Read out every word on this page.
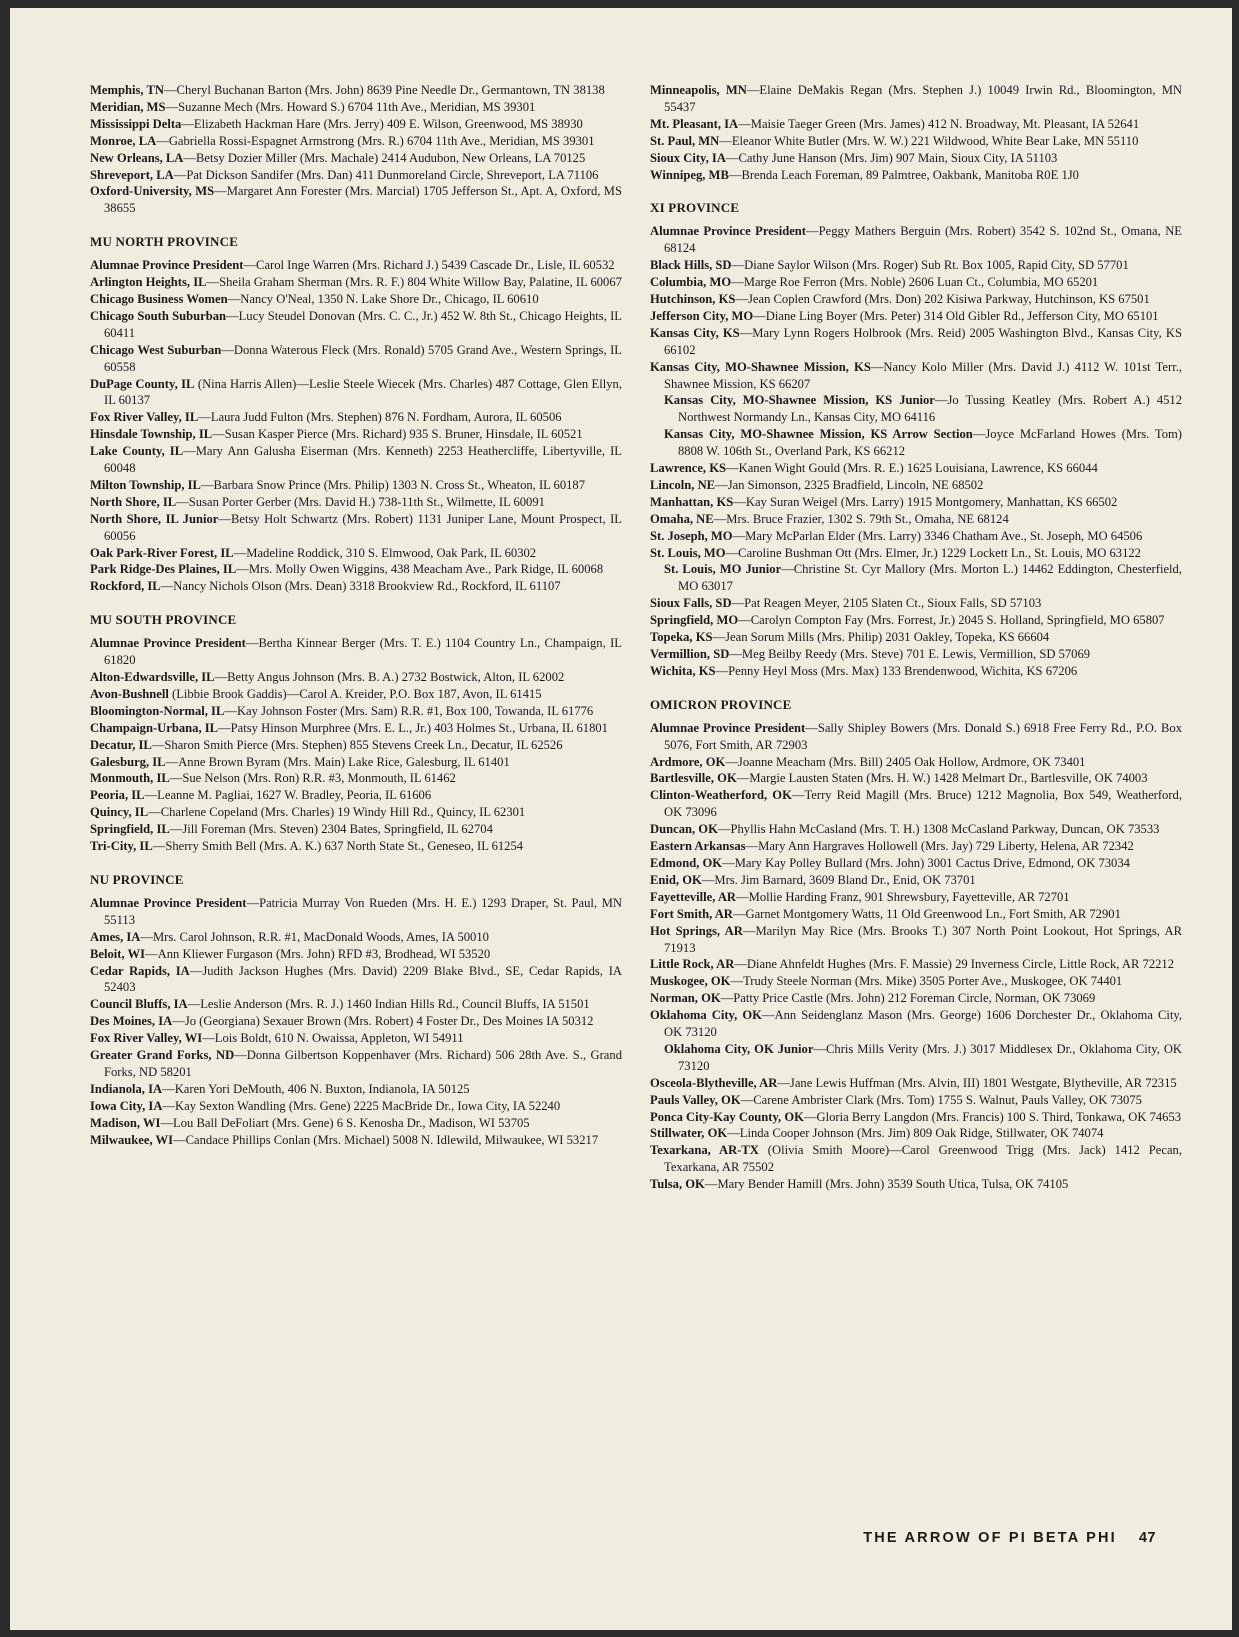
Memphis, TN—Cheryl Buchanan Barton (Mrs. John) 8639 Pine Needle Dr., Germantown, TN 38138
Meridian, MS—Suzanne Mech (Mrs. Howard S.) 6704 11th Ave., Meridian, MS 39301
Mississippi Delta—Elizabeth Hackman Hare (Mrs. Jerry) 409 E. Wilson, Greenwood, MS 38930
Monroe, LA—Gabriella Rossi-Espagnet Armstrong (Mrs. R.) 6704 11th Ave., Meridian, MS 39301
New Orleans, LA—Betsy Dozier Miller (Mrs. Machale) 2414 Audubon, New Orleans, LA 70125
Shreveport, LA—Pat Dickson Sandifer (Mrs. Dan) 411 Dunmoreland Circle, Shreveport, LA 71106
Oxford-University, MS—Margaret Ann Forester (Mrs. Marcial) 1705 Jefferson St., Apt. A, Oxford, MS 38655
MU NORTH PROVINCE
Alumnae Province President—Carol Inge Warren (Mrs. Richard J.) 5439 Cascade Dr., Lisle, IL 60532
Arlington Heights, IL—Sheila Graham Sherman (Mrs. R. F.) 804 White Willow Bay, Palatine, IL 60067
Chicago Business Women—Nancy O'Neal, 1350 N. Lake Shore Dr., Chicago, IL 60610
Chicago South Suburban—Lucy Steudel Donovan (Mrs. C. C., Jr.) 452 W. 8th St., Chicago Heights, IL 60411
Chicago West Suburban—Donna Waterous Fleck (Mrs. Ronald) 5705 Grand Ave., Western Springs, IL 60558
DuPage County, IL (Nina Harris Allen)—Leslie Steele Wiecek (Mrs. Charles) 487 Cottage, Glen Ellyn, IL 60137
Fox River Valley, IL—Laura Judd Fulton (Mrs. Stephen) 876 N. Fordham, Aurora, IL 60506
Hinsdale Township, IL—Susan Kasper Pierce (Mrs. Richard) 935 S. Bruner, Hinsdale, IL 60521
Lake County, IL—Mary Ann Galusha Eiserman (Mrs. Kenneth) 2253 Heathercliffe, Libertyville, IL 60048
Milton Township, IL—Barbara Snow Prince (Mrs. Philip) 1303 N. Cross St., Wheaton, IL 60187
North Shore, IL—Susan Porter Gerber (Mrs. David H.) 738-11th St., Wilmette, IL 60091
North Shore, IL Junior—Betsy Holt Schwartz (Mrs. Robert) 1131 Juniper Lane, Mount Prospect, IL 60056
Oak Park-River Forest, IL—Madeline Roddick, 310 S. Elmwood, Oak Park, IL 60302
Park Ridge-Des Plaines, IL—Mrs. Molly Owen Wiggins, 438 Meacham Ave., Park Ridge, IL 60068
Rockford, IL—Nancy Nichols Olson (Mrs. Dean) 3318 Brookview Rd., Rockford, IL 61107
MU SOUTH PROVINCE
Alumnae Province President—Bertha Kinnear Berger (Mrs. T. E.) 1104 Country Ln., Champaign, IL 61820
Alton-Edwardsville, IL—Betty Angus Johnson (Mrs. B. A.) 2732 Bostwick, Alton, IL 62002
Avon-Bushnell (Libbie Brook Gaddis)—Carol A. Kreider, P.O. Box 187, Avon, IL 61415
Bloomington-Normal, IL—Kay Johnson Foster (Mrs. Sam) R.R. #1, Box 100, Towanda, IL 61776
Champaign-Urbana, IL—Patsy Hinson Murphree (Mrs. E. L., Jr.) 403 Holmes St., Urbana, IL 61801
Decatur, IL—Sharon Smith Pierce (Mrs. Stephen) 855 Stevens Creek Ln., Decatur, IL 62526
Galesburg, IL—Anne Brown Byram (Mrs. Main) Lake Rice, Galesburg, IL 61401
Monmouth, IL—Sue Nelson (Mrs. Ron) R.R. #3, Monmouth, IL 61462
Peoria, IL—Leanne M. Pagliai, 1627 W. Bradley, Peoria, IL 61606
Quincy, IL—Charlene Copeland (Mrs. Charles) 19 Windy Hill Rd., Quincy, IL 62301
Springfield, IL—Jill Foreman (Mrs. Steven) 2304 Bates, Springfield, IL 62704
Tri-City, IL—Sherry Smith Bell (Mrs. A. K.) 637 North State St., Geneseo, IL 61254
NU PROVINCE
Alumnae Province President—Patricia Murray Von Rueden (Mrs. H. E.) 1293 Draper, St. Paul, MN 55113
Ames, IA—Mrs. Carol Johnson, R.R. #1, MacDonald Woods, Ames, IA 50010
Beloit, WI—Ann Kliewer Furgason (Mrs. John) RFD #3, Brodhead, WI 53520
Cedar Rapids, IA—Judith Jackson Hughes (Mrs. David) 2209 Blake Blvd., SE, Cedar Rapids, IA 52403
Council Bluffs, IA—Leslie Anderson (Mrs. R. J.) 1460 Indian Hills Rd., Council Bluffs, IA 51501
Des Moines, IA—Jo (Georgiana) Sexauer Brown (Mrs. Robert) 4 Foster Dr., Des Moines IA 50312
Fox River Valley, WI—Lois Boldt, 610 N. Owaissa, Appleton, WI 54911
Greater Grand Forks, ND—Donna Gilbertson Koppenhaver (Mrs. Richard) 506 28th Ave. S., Grand Forks, ND 58201
Indianola, IA—Karen Yori DeMouth, 406 N. Buxton, Indianola, IA 50125
Iowa City, IA—Kay Sexton Wandling (Mrs. Gene) 2225 MacBride Dr., Iowa City, IA 52240
Madison, WI—Lou Ball DeFoliart (Mrs. Gene) 6 S. Kenosha Dr., Madison, WI 53705
Milwaukee, WI—Candace Phillips Conlan (Mrs. Michael) 5008 N. Idlewild, Milwaukee, WI 53217
Minneapolis, MN—Elaine DeMakis Regan (Mrs. Stephen J.) 10049 Irwin Rd., Bloomington, MN 55437
Mt. Pleasant, IA—Maisie Taeger Green (Mrs. James) 412 N. Broadway, Mt. Pleasant, IA 52641
St. Paul, MN—Eleanor White Butler (Mrs. W. W.) 221 Wildwood, White Bear Lake, MN 55110
Sioux City, IA—Cathy June Hanson (Mrs. Jim) 907 Main, Sioux City, IA 51103
Winnipeg, MB—Brenda Leach Foreman, 89 Palmtree, Oakbank, Manitoba R0E 1J0
XI PROVINCE
Alumnae Province President—Peggy Mathers Berguin (Mrs. Robert) 3542 S. 102nd St., Omana, NE 68124
Black Hills, SD—Diane Saylor Wilson (Mrs. Roger) Sub Rt. Box 1005, Rapid City, SD 57701
Columbia, MO—Marge Roe Ferron (Mrs. Noble) 2606 Luan Ct., Columbia, MO 65201
Hutchinson, KS—Jean Coplen Crawford (Mrs. Don) 202 Kisiwa Parkway, Hutchinson, KS 67501
Jefferson City, MO—Diane Ling Boyer (Mrs. Peter) 314 Old Gibler Rd., Jefferson City, MO 65101
Kansas City, KS—Mary Lynn Rogers Holbrook (Mrs. Reid) 2005 Washington Blvd., Kansas City, KS 66102
Kansas City, MO-Shawnee Mission, KS—Nancy Kolo Miller (Mrs. David J.) 4112 W. 101st Terr., Shawnee Mission, KS 66207
Kansas City, MO-Shawnee Mission, KS Junior—Jo Tussing Keatley (Mrs. Robert A.) 4512 Northwest Normandy Ln., Kansas City, MO 64116
Kansas City, MO-Shawnee Mission, KS Arrow Section—Joyce McFarland Howes (Mrs. Tom) 8808 W. 106th St., Overland Park, KS 66212
Lawrence, KS—Kanen Wight Gould (Mrs. R. E.) 1625 Louisiana, Lawrence, KS 66044
Lincoln, NE—Jan Simonson, 2325 Bradfield, Lincoln, NE 68502
Manhattan, KS—Kay Suran Weigel (Mrs. Larry) 1915 Montgomery, Manhattan, KS 66502
Omaha, NE—Mrs. Bruce Frazier, 1302 S. 79th St., Omaha, NE 68124
St. Joseph, MO—Mary McParlan Elder (Mrs. Larry) 3346 Chatham Ave., St. Joseph, MO 64506
St. Louis, MO—Caroline Bushman Ott (Mrs. Elmer, Jr.) 1229 Lockett Ln., St. Louis, MO 63122
St. Louis, MO Junior—Christine St. Cyr Mallory (Mrs. Morton L.) 14462 Eddington, Chesterfield, MO 63017
Sioux Falls, SD—Pat Reagen Meyer, 2105 Slaten Ct., Sioux Falls, SD 57103
Springfield, MO—Carolyn Compton Fay (Mrs. Forrest, Jr.) 2045 S. Holland, Springfield, MO 65807
Topeka, KS—Jean Sorum Mills (Mrs. Philip) 2031 Oakley, Topeka, KS 66604
Vermillion, SD—Meg Beilby Reedy (Mrs. Steve) 701 E. Lewis, Vermillion, SD 57069
Wichita, KS—Penny Heyl Moss (Mrs. Max) 133 Brendenwood, Wichita, KS 67206
OMICRON PROVINCE
Alumnae Province President—Sally Shipley Bowers (Mrs. Donald S.) 6918 Free Ferry Rd., P.O. Box 5076, Fort Smith, AR 72903
Ardmore, OK—Joanne Meacham (Mrs. Bill) 2405 Oak Hollow, Ardmore, OK 73401
Bartlesville, OK—Margie Lausten Staten (Mrs. H. W.) 1428 Melmart Dr., Bartlesville, OK 74003
Clinton-Weatherford, OK—Terry Reid Magill (Mrs. Bruce) 1212 Magnolia, Box 549, Weatherford, OK 73096
Duncan, OK—Phyllis Hahn McCasland (Mrs. T. H.) 1308 McCasland Parkway, Duncan, OK 73533
Eastern Arkansas—Mary Ann Hargraves Hollowell (Mrs. Jay) 729 Liberty, Helena, AR 72342
Edmond, OK—Mary Kay Polley Bullard (Mrs. John) 3001 Cactus Drive, Edmond, OK 73034
Enid, OK—Mrs. Jim Barnard, 3609 Bland Dr., Enid, OK 73701
Fayetteville, AR—Mollie Harding Franz, 901 Shrewsbury, Fayetteville, AR 72701
Fort Smith, AR—Garnet Montgomery Watts, 11 Old Greenwood Ln., Fort Smith, AR 72901
Hot Springs, AR—Marilyn May Rice (Mrs. Brooks T.) 307 North Point Lookout, Hot Springs, AR 71913
Little Rock, AR—Diane Ahnfeldt Hughes (Mrs. F. Massie) 29 Inverness Circle, Little Rock, AR 72212
Muskogee, OK—Trudy Steele Norman (Mrs. Mike) 3505 Porter Ave., Muskogee, OK 74401
Norman, OK—Patty Price Castle (Mrs. John) 212 Foreman Circle, Norman, OK 73069
Oklahoma City, OK—Ann Seidenglanz Mason (Mrs. George) 1606 Dorchester Dr., Oklahoma City, OK 73120
Oklahoma City, OK Junior—Chris Mills Verity (Mrs. J.) 3017 Middlesex Dr., Oklahoma City, OK 73120
Osceola-Blytheville, AR—Jane Lewis Huffman (Mrs. Alvin, III) 1801 Westgate, Blytheville, AR 72315
Pauls Valley, OK—Carene Ambrister Clark (Mrs. Tom) 1755 S. Walnut, Pauls Valley, OK 73075
Ponca City-Kay County, OK—Gloria Berry Langdon (Mrs. Francis) 100 S. Third, Tonkawa, OK 74653
Stillwater, OK—Linda Cooper Johnson (Mrs. Jim) 809 Oak Ridge, Stillwater, OK 74074
Texarkana, AR-TX (Olivia Smith Moore)—Carol Greenwood Trigg (Mrs. Jack) 1412 Pecan, Texarkana, AR 75502
Tulsa, OK—Mary Bender Hamill (Mrs. John) 3539 South Utica, Tulsa, OK 74105
THE ARROW OF PI BETA PHI 47
